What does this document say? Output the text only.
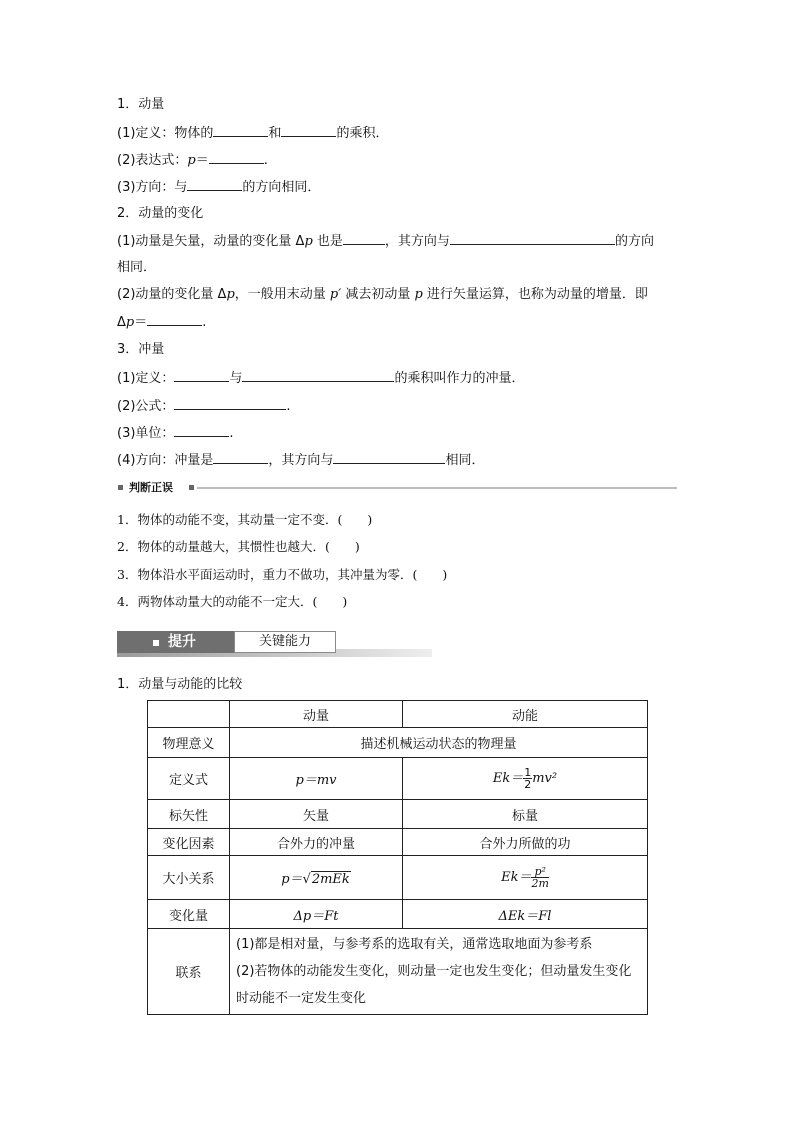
1．动量
(1)定义：物体的	和	的乘积．
(2)表达式：p＝	.
(3)方向：与	的方向相同．
2．动量的变化
(1)动量是矢量，动量的变化量 Δp 也是	，其方向与	的方向
相同．
(2)动量的变化量 Δp，一般用末动量 p′ 减去初动量 p 进行矢量运算，也称为动量的增量．即
Δp＝	.
3．冲量
(1)定义：	与	的乘积叫作力的冲量．
(2)公式：	.
(3)单位：	.
(4)方向：冲量是	，其方向与	相同．
判断正误
1．物体的动能不变，其动量一定不变．(　　)
2．物体的动量越大，其惯性也越大．(　　)
3．物体沿水平面运动时，重力不做功，其冲量为零．(　　)
4．两物体动量大的动能不一定大．(　　)
提升	关键能力
1．动量与动能的比较
	动量	动能
物理意义	描述机械运动状态的物理量	
定义式	p＝mv	$Ek= \frac{1}{2} mv^2$
标矢性	矢量	标量
变化因素	合外力的冲量	合外力所做的功
大小关系	p＝√2mEk	$Ek= \frac{\text{p²}}{2m}$

变化量	Δp＝Ft	ΔEk＝Fl
联系	(1)都是相对量，与参考系的选取有关，通常选取地面为参考系
(2)若物体的动能发生变化，则动量一定也发生变化；但动量发生变化时动能不一定发生变化	
